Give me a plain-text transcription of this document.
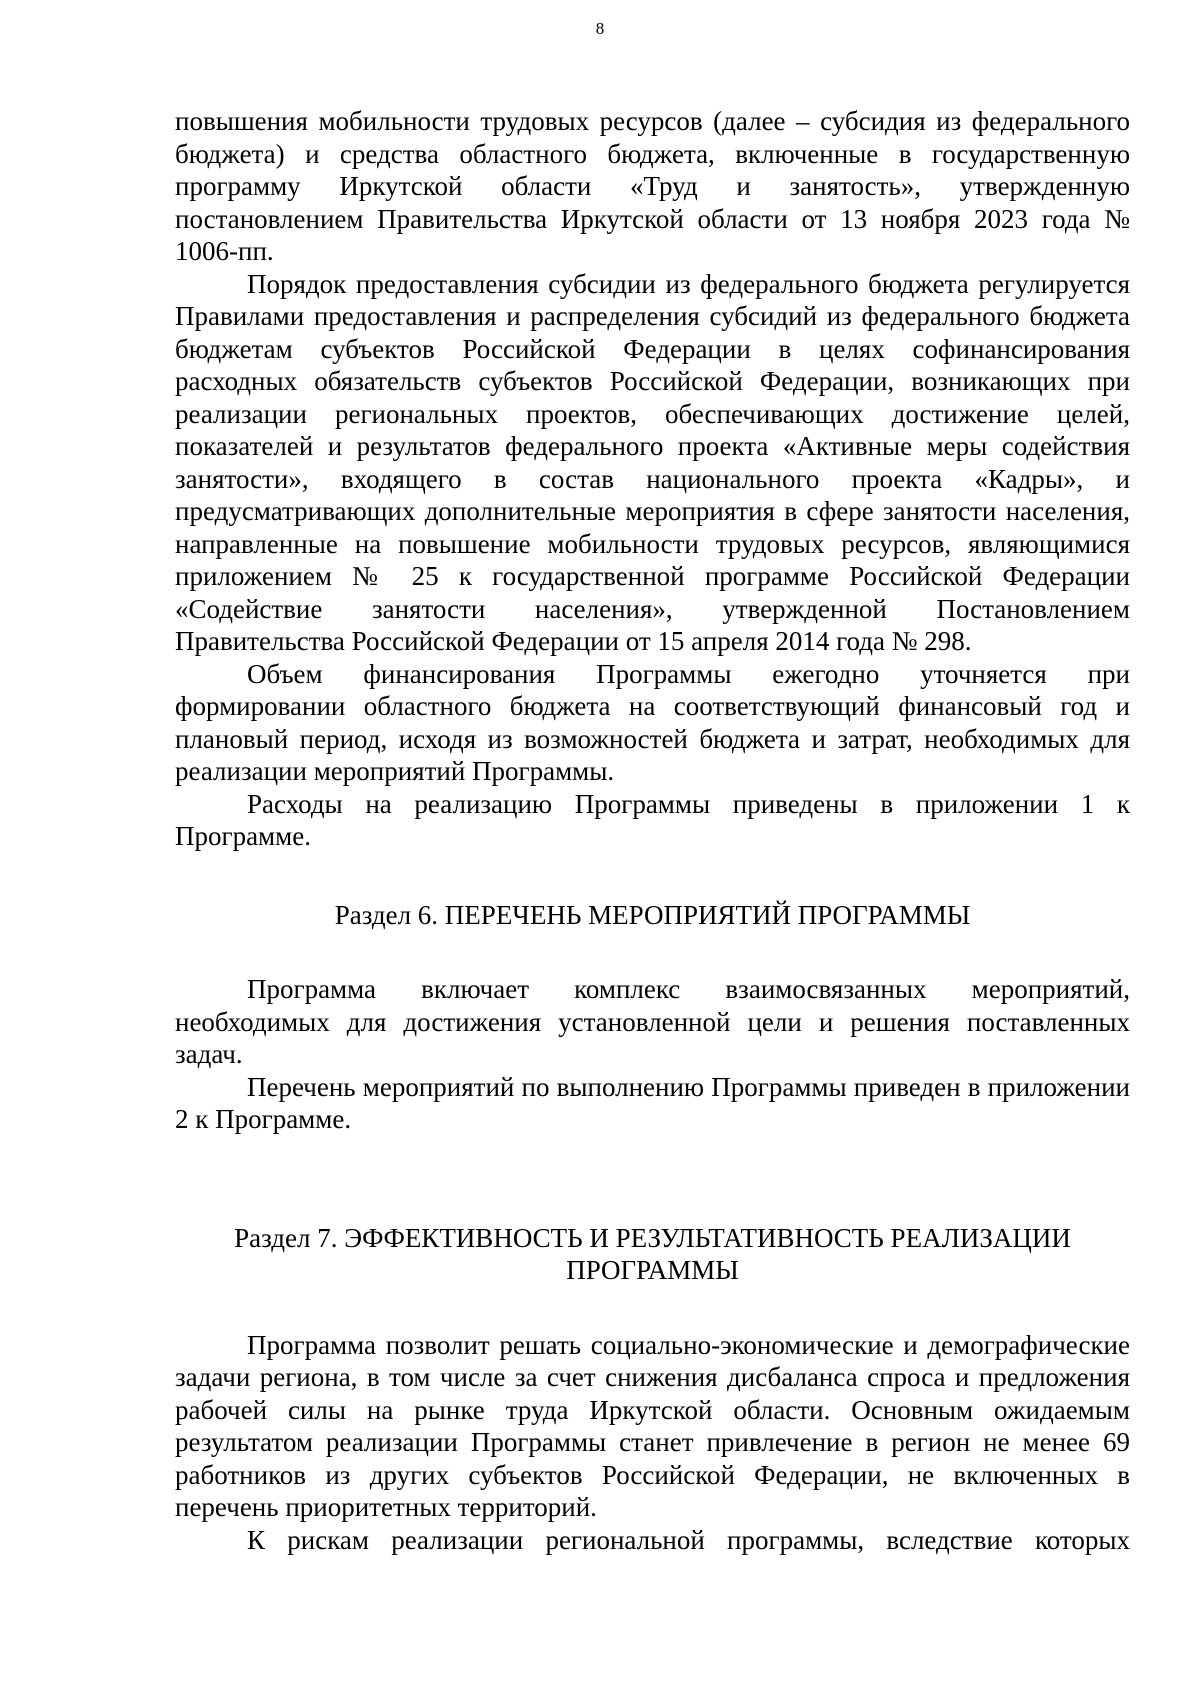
8

повышения мобильности трудовых ресурсов (далее – субсидия из федерального бюджета) и средства областного бюджета, включенные в государственную программу Иркутской области «Труд и занятость», утвержденную постановлением Правительства Иркутской области от 13 ноября 2023 года № 1006-пп.

Порядок предоставления субсидии из федерального бюджета регулируется Правилами предоставления и распределения субсидий из федерального бюджета бюджетам субъектов Российской Федерации в целях софинансирования расходных обязательств субъектов Российской Федерации, возникающих при реализации региональных проектов, обеспечивающих достижение целей, показателей и результатов федерального проекта «Активные меры содействия занятости», входящего в состав национального проекта «Кадры», и предусматривающих дополнительные мероприятия в сфере занятости населения, направленные на повышение мобильности трудовых ресурсов, являющимися приложением № 25 к государственной программе Российской Федерации «Содействие занятости населения», утвержденной Постановлением Правительства Российской Федерации от 15 апреля 2014 года № 298.

Объем финансирования Программы ежегодно уточняется при формировании областного бюджета на соответствующий финансовый год и плановый период, исходя из возможностей бюджета и затрат, необходимых для реализации мероприятий Программы.

Расходы на реализацию Программы приведены в приложении 1 к Программе.

Раздел 6. ПЕРЕЧЕНЬ МЕРОПРИЯТИЙ ПРОГРАММЫ

Программа включает комплекс взаимосвязанных мероприятий, необходимых для достижения установленной цели и решения поставленных задач.

Перечень мероприятий по выполнению Программы приведен в приложении 2 к Программе.

Раздел 7. ЭФФЕКТИВНОСТЬ И РЕЗУЛЬТАТИВНОСТЬ РЕАЛИЗАЦИИ

ПРОГРАММЫ

Программа позволит решать социально-экономические и демографические задачи региона, в том числе за счет снижения дисбаланса спроса и предложения рабочей силы на рынке труда Иркутской области. Основным ожидаемым результатом реализации Программы станет привлечение в регион не менее 69 работников из других субъектов Российской Федерации, не включенных в перечень приоритетных территорий.

К рискам реализации региональной программы, вследствие которых
